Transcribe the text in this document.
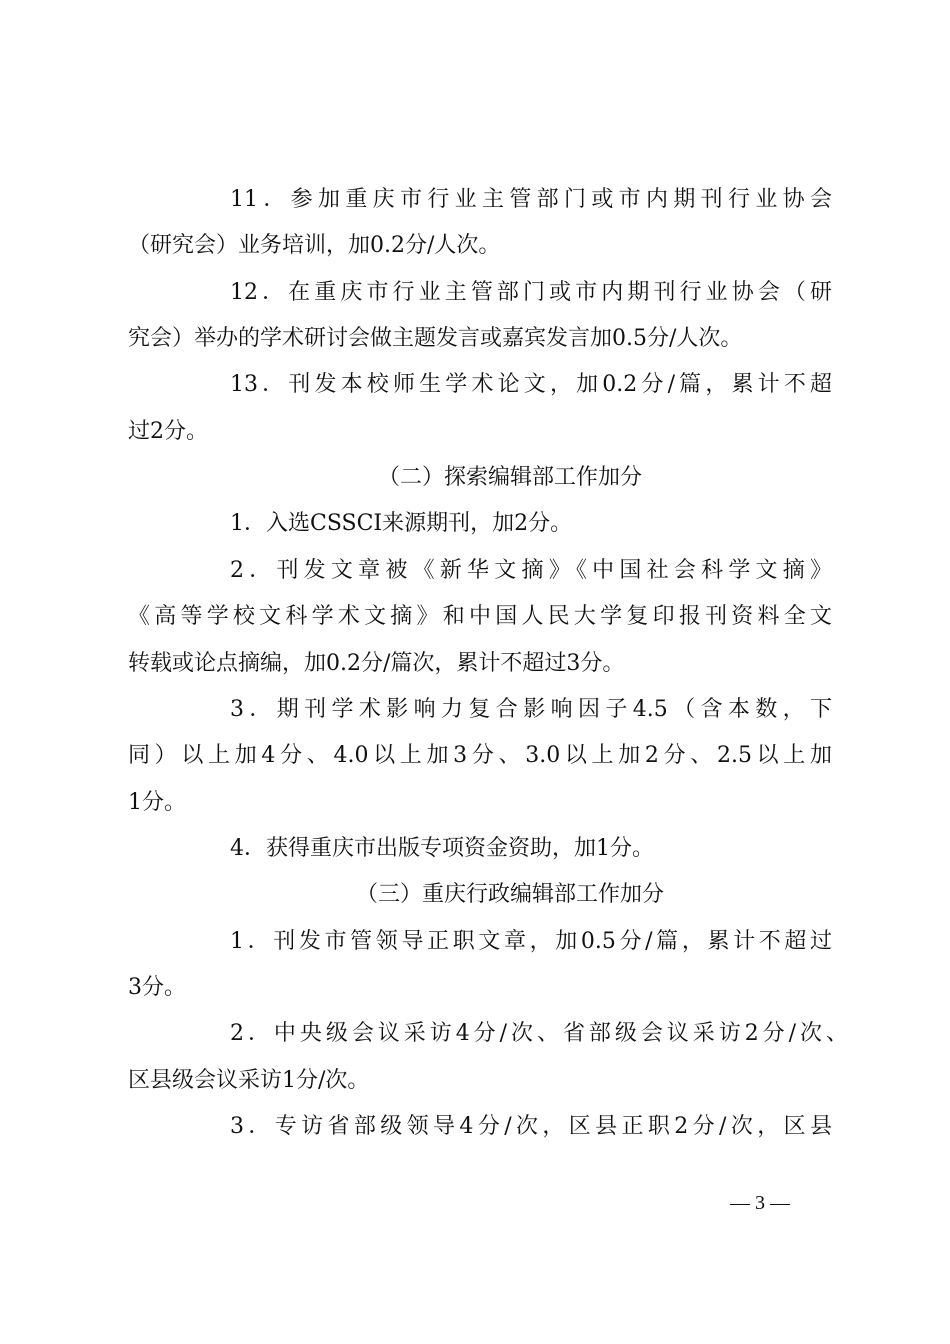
11．参加重庆市行业主管部门或市内期刊行业协会
（研究会）业务培训，加0.2分/人次。
12．在重庆市行业主管部门或市内期刊行业协会（研
究会）举办的学术研讨会做主题发言或嘉宾发言加0.5分/人次。
13．刊发本校师生学术论文，加0.2分/篇，累计不超
过2分。
（二）探索编辑部工作加分
1．入选CSSCI来源期刊，加2分。
2．刊发文章被《新华文摘》《中国社会科学文摘》
《高等学校文科学术文摘》和中国人民大学复印报刊资料全文
转载或论点摘编，加0.2分/篇次，累计不超过3分。
3．期刊学术影响力复合影响因子4.5（含本数，下
同）以上加4分、4.0以上加3分、3.0以上加2分、2.5以上加
1分。
4．获得重庆市出版专项资金资助，加1分。
（三）重庆行政编辑部工作加分
1．刊发市管领导正职文章，加0.5分/篇，累计不超过
3分。
2．中央级会议采访4分/次、省部级会议采访2分/次、
区县级会议采访1分/次。
3．专访省部级领导4分/次，区县正职2分/次，区县
— 3 —
